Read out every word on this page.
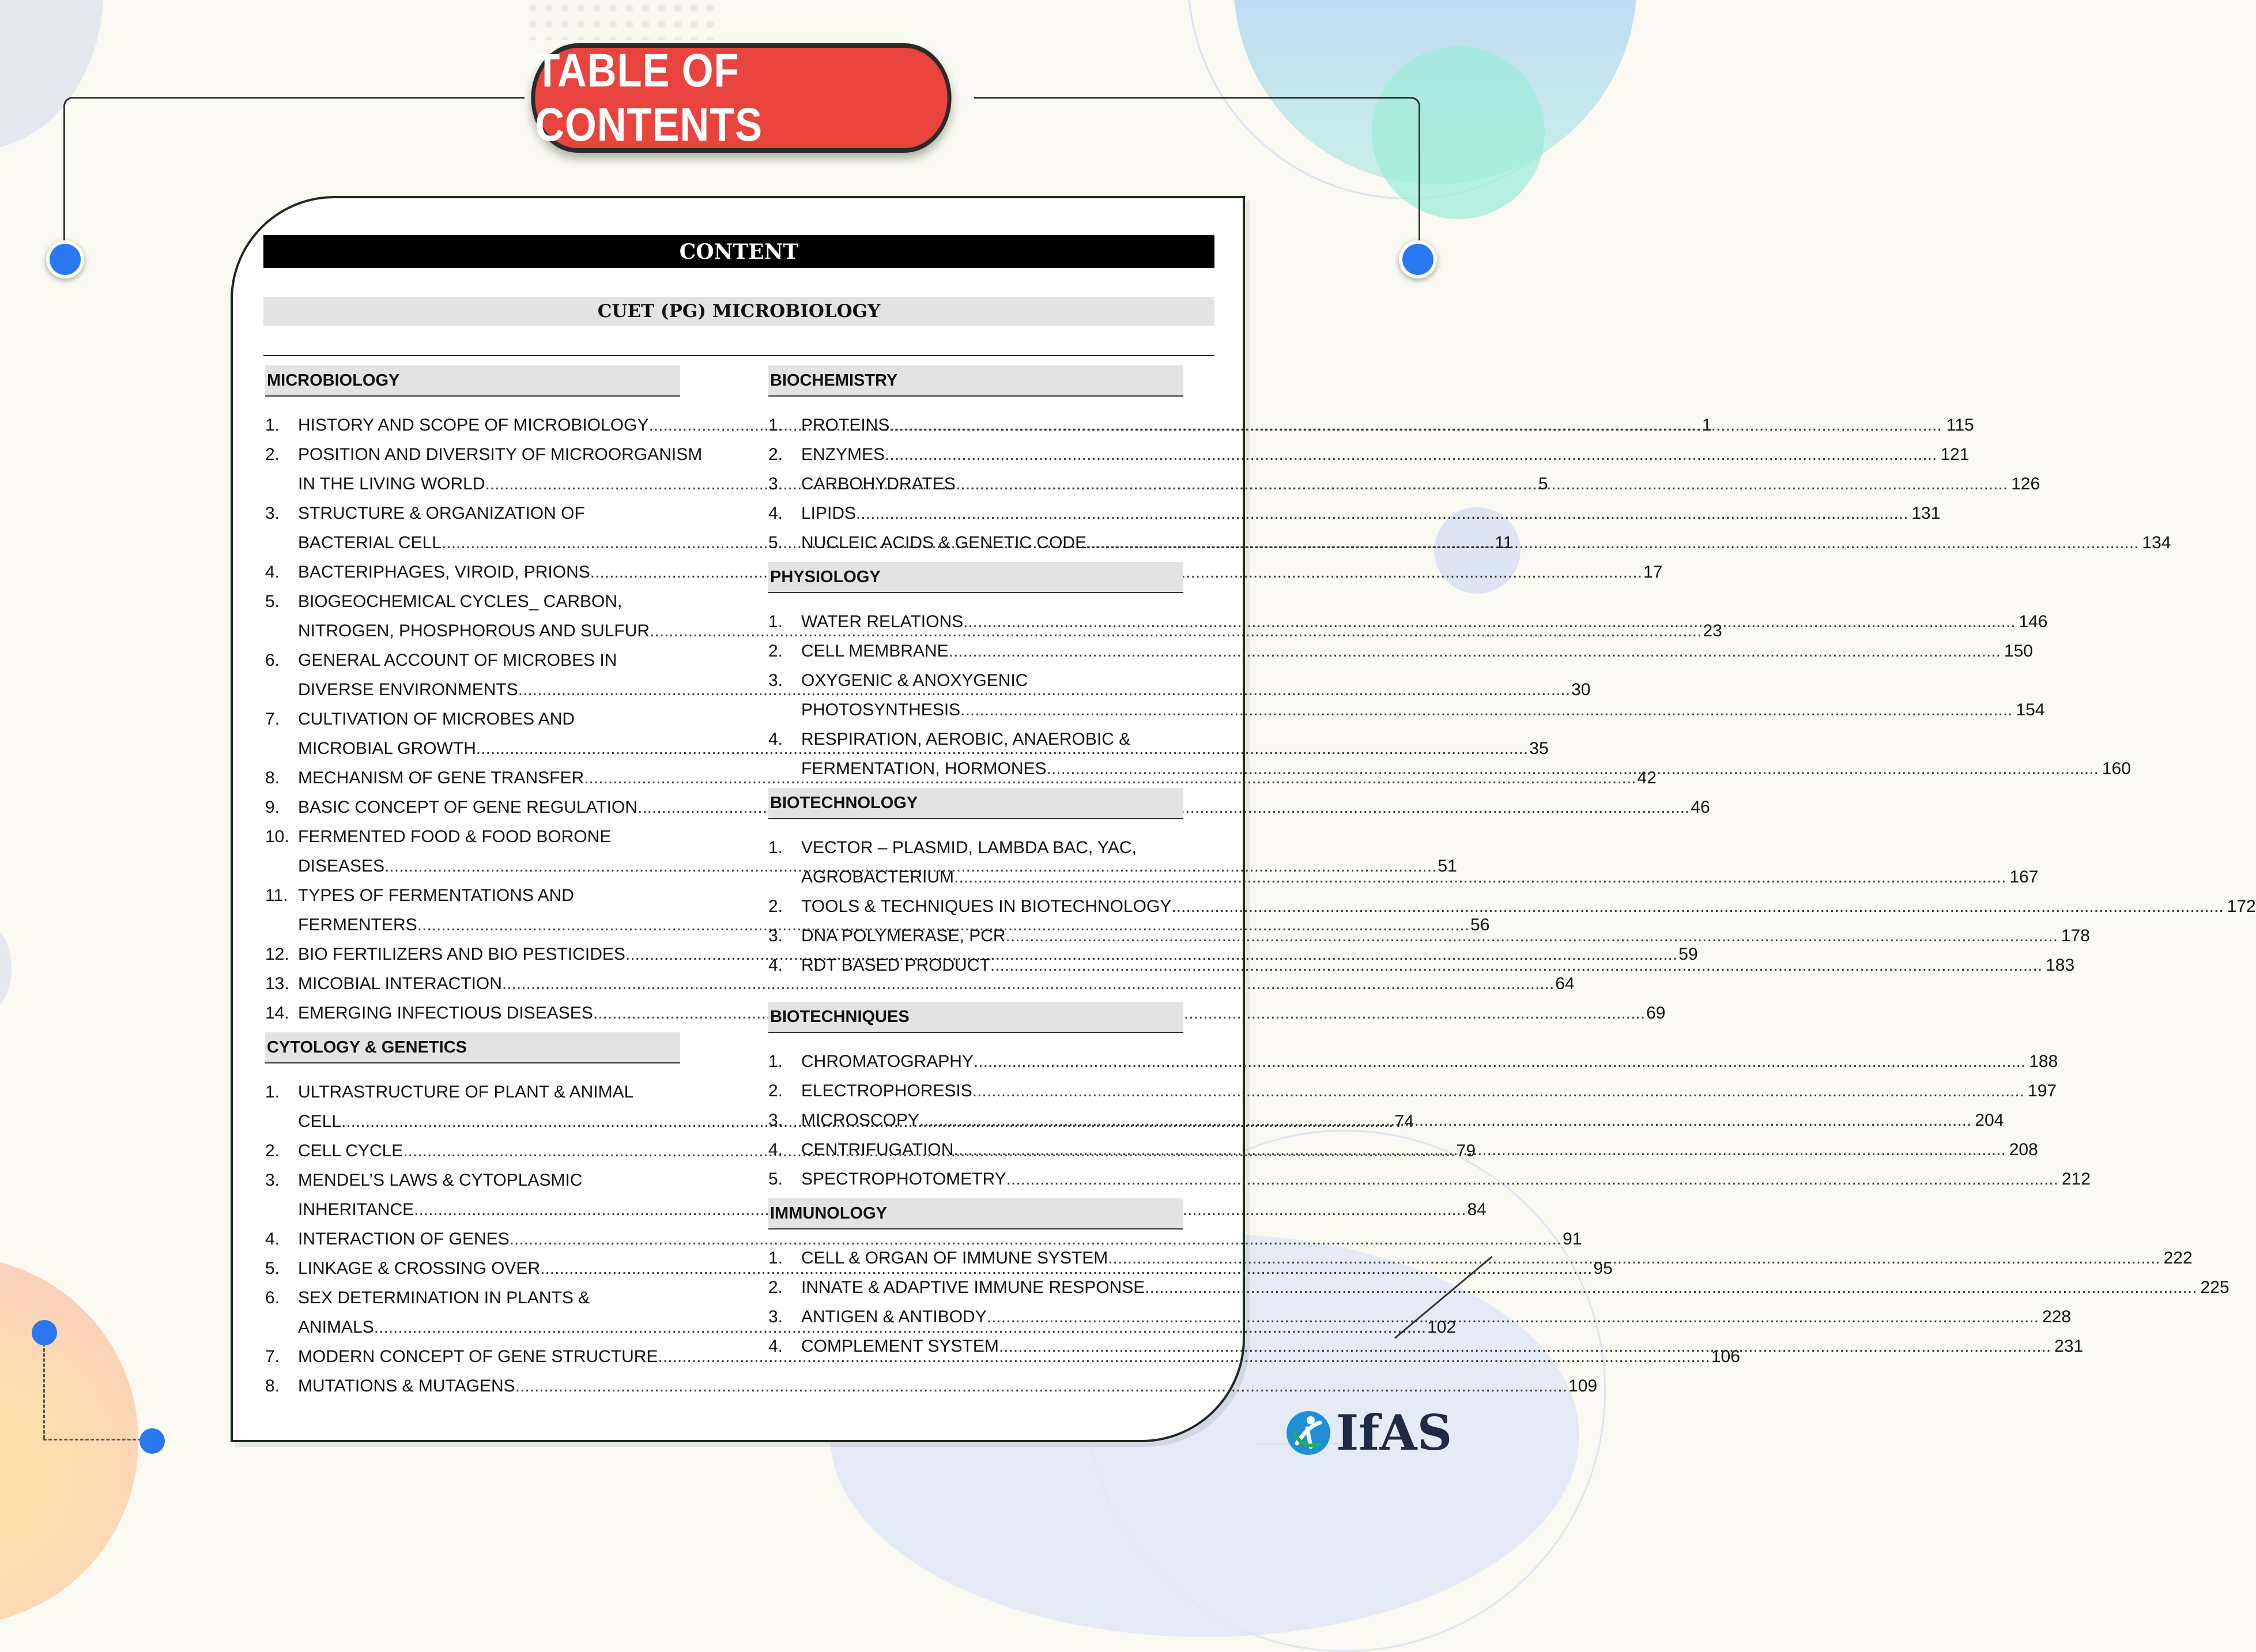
TABLE OF CONTENTS
CONTENT
CUET (PG) MICROBIOLOGY
MICROBIOLOGY
1.	HISTORY AND SCOPE OF MICROBIOLOGY .....	1
2.	POSITION AND DIVERSITY OF MICROORGANISM
IN THE LIVING WORLD .....	5
3.	STRUCTURE & ORGANIZATION OF
BACTERIAL CELL .....	11
4.	BACTERIPHAGES, VIROID, PRIONS .....	17
5.	BIOGEOCHEMICAL CYCLES_ CARBON,
NITROGEN, PHOSPHOROUS AND SULFUR .....	23
6.	GENERAL ACCOUNT OF MICROBES IN
DIVERSE ENVIRONMENTS .....	30
7.	CULTIVATION OF MICROBES AND
MICROBIAL GROWTH .....	35
8.	MECHANISM OF GENE TRANSFER .....	42
9.	BASIC CONCEPT OF GENE REGULATION .....	46
10. FERMENTED FOOD & FOOD BORONE
DISEASES .....	51
11. TYPES OF FERMENTATIONS AND
FERMENTERS .....	56
12. BIO FERTILIZERS AND BIO PESTICIDES .....	59
13. MICOBIAL INTERACTION .....	64
14. EMERGING INFECTIOUS DISEASES .....	69
CYTOLOGY & GENETICS
1.	ULTRASTRUCTURE OF PLANT & ANIMAL
CELL .....	74
2.	CELL CYCLE .....	79
3.	MENDEL’S LAWS & CYTOPLASMIC
INHERITANCE .....	84
4.	INTERACTION OF GENES .....	91
5.	LINKAGE & CROSSING OVER .....	95
6.	SEX DETERMINATION IN PLANTS &
ANIMALS .....	102
7.	MODERN CONCEPT OF GENE STRUCTURE .....	106
8.	MUTATIONS & MUTAGENS .....	109
BIOCHEMISTRY
1.	PROTEINS .....	115
2.	ENZYMES .....	121
3.	CARBOHYDRATES .....	126
4.	LIPIDS .....	131
5.	NUCLEIC ACIDS & GENETIC CODE .....	134
PHYSIOLOGY
1.	WATER RELATIONS .....	146
2.	CELL MEMBRANE .....	150
3.	OXYGENIC & ANOXYGENIC
PHOTOSYNTHESIS .....	154
4.	RESPIRATION, AEROBIC, ANAEROBIC &
FERMENTATION, HORMONES .....	160
BIOTECHNOLOGY
1.	VECTOR – PLASMID, LAMBDA BAC, YAC,
AGROBACTERIUM .....	167
2.	TOOLS & TECHNIQUES IN BIOTECHNOLOGY .....	172
3.	DNA POLYMERASE, PCR .....	178
4.	RDT BASED PRODUCT .....	183
BIOTECHNIQUES
1.	CHROMATOGRAPHY .....	188
2.	ELECTROPHORESIS .....	197
3.	MICROSCOPY .....	204
4.	CENTRIFUGATION .....	208
5.	SPECTROPHOTOMETRY .....	212
IMMUNOLOGY
1.	CELL & ORGAN OF IMMUNE SYSTEM .....	222
2.	INNATE & ADAPTIVE IMMUNE RESPONSE .....	225
3.	ANTIGEN & ANTIBODY .....	228
4.	COMPLEMENT SYSTEM .....	231
IfAS
